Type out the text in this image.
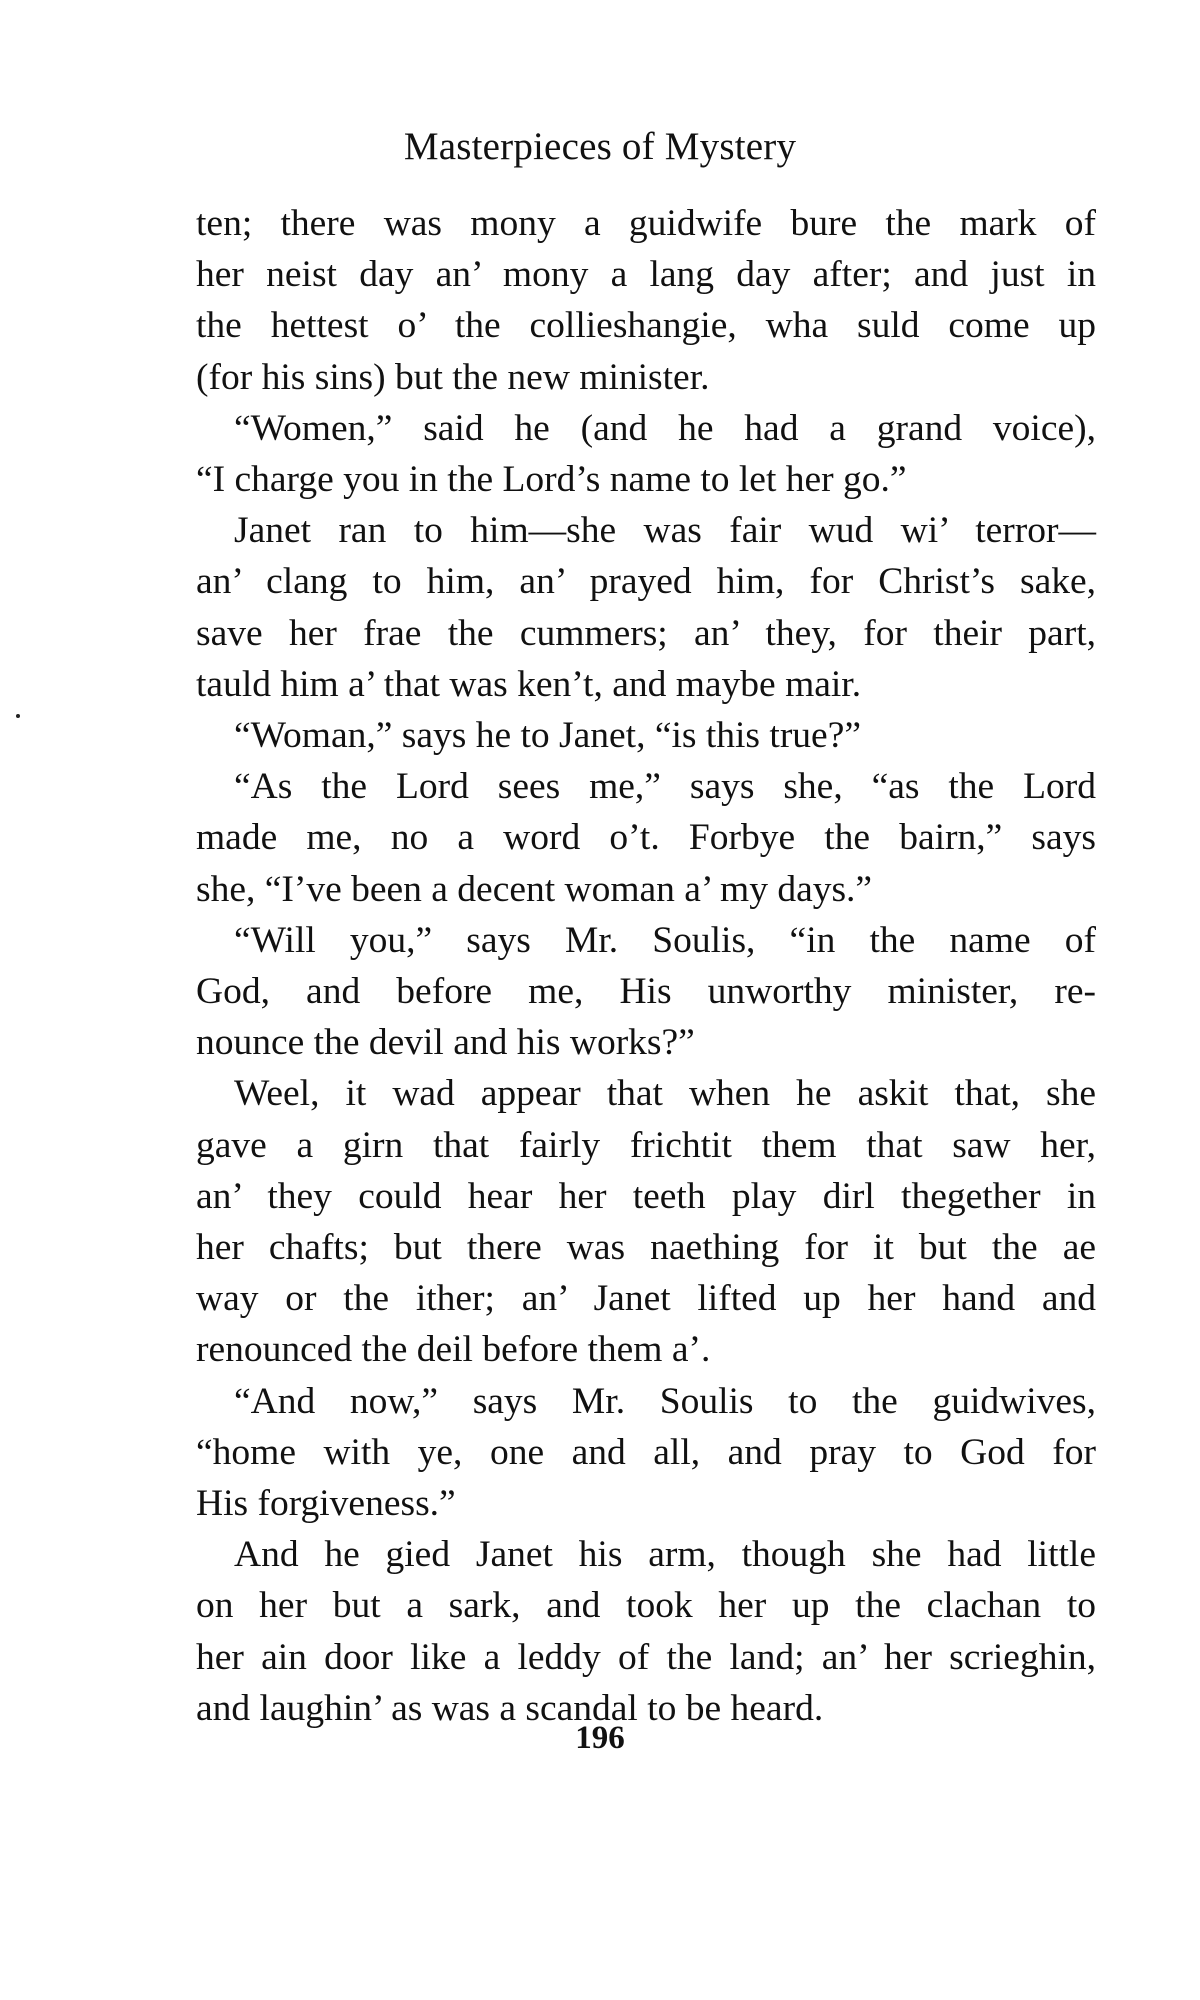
Masterpieces of Mystery
ten; there was mony a guidwife bure the mark of
her neist day an’ mony a lang day after; and just in
the hettest o’ the collieshangie, wha suld come up
(for his sins) but the new minister.
“Women,” said he (and he had a grand voice),
“I charge you in the Lord’s name to let her go.”
Janet ran to him—she was fair wud wi’ terror—
an’ clang to him, an’ prayed him, for Christ’s sake,
save her frae the cummers; an’ they, for their part,
tauld him a’ that was ken’t, and maybe mair.
“Woman,” says he to Janet, “is this true?”
“As the Lord sees me,” says she, “as the Lord
made me, no a word o’t. Forbye the bairn,” says
she, “I’ve been a decent woman a’ my days.”
“Will you,” says Mr. Soulis, “in the name of
God, and before me, His unworthy minister, re-
nounce the devil and his works?”
Weel, it wad appear that when he askit that, she
gave a girn that fairly frichtit them that saw her,
an’ they could hear her teeth play dirl thegether in
her chafts; but there was naething for it but the ae
way or the ither; an’ Janet lifted up her hand and
renounced the deil before them a’.
“And now,” says Mr. Soulis to the guidwives,
“home with ye, one and all, and pray to God for
His forgiveness.”
And he gied Janet his arm, though she had little
on her but a sark, and took her up the clachan to
her ain door like a leddy of the land; an’ her scrieghin,
and laughin’ as was a scandal to be heard.
196
